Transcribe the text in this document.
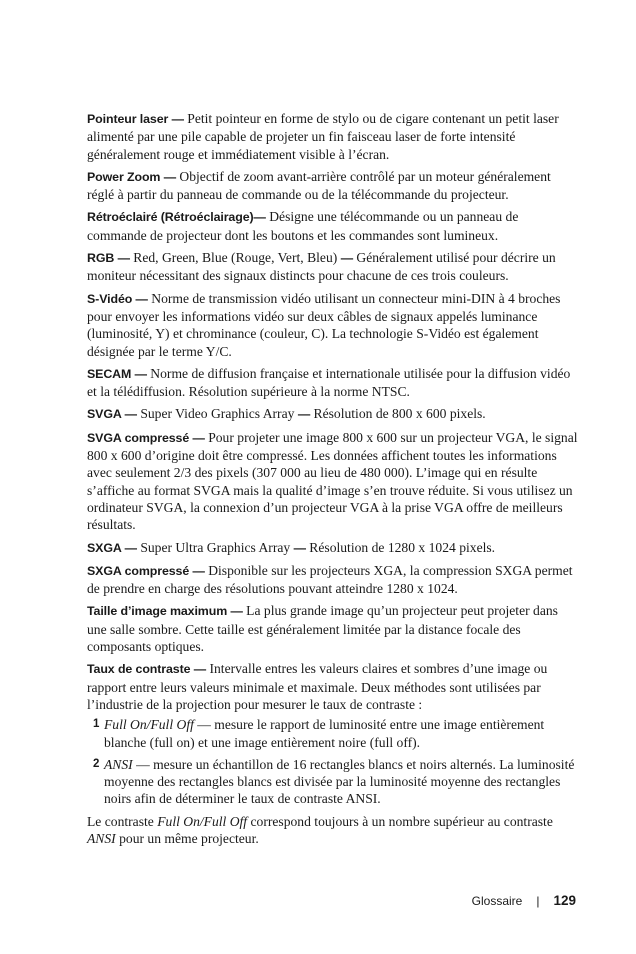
Pointeur laser — Petit pointeur en forme de stylo ou de cigare contenant un petit laser alimenté par une pile capable de projeter un fin faisceau laser de forte intensité généralement rouge et immédiatement visible à l’écran.

Power Zoom — Objectif de zoom avant-arrière contrôlé par un moteur généralement réglé à partir du panneau de commande ou de la télécommande du projecteur.

Rétroéclairé (Rétroéclairage)— Désigne une télécommande ou un panneau de commande de projecteur dont les boutons et les commandes sont lumineux.

RGB — Red, Green, Blue (Rouge, Vert, Bleu) — Généralement utilisé pour décrire un moniteur nécessitant des signaux distincts pour chacune de ces trois couleurs.

S-Vidéo — Norme de transmission vidéo utilisant un connecteur mini-DIN à 4 broches pour envoyer les informations vidéo sur deux câbles de signaux appelés luminance (luminosité, Y) et chrominance (couleur, C). La technologie S-Vidéo est également désignée par le terme Y/C.

SECAM — Norme de diffusion française et internationale utilisée pour la diffusion vidéo et la télédiffusion. Résolution supérieure à la norme NTSC.

SVGA — Super Video Graphics Array — Résolution de 800 x 600 pixels.

SVGA compressé — Pour projeter une image 800 x 600 sur un projecteur VGA, le signal 800 x 600 d’origine doit être compressé. Les données affichent toutes les informations avec seulement 2/3 des pixels (307 000 au lieu de 480 000). L’image qui en résulte s’affiche au format SVGA mais la qualité d’image s’en trouve réduite. Si vous utilisez un ordinateur SVGA, la connexion d’un projecteur VGA à la prise VGA offre de meilleurs résultats.

SXGA — Super Ultra Graphics Array — Résolution de 1280 x 1024 pixels.

SXGA compressé — Disponible sur les projecteurs XGA, la compression SXGA permet de prendre en charge des résolutions pouvant atteindre 1280 x 1024.

Taille d’image maximum — La plus grande image qu’un projecteur peut projeter dans une salle sombre. Cette taille est généralement limitée par la distance focale des composants optiques.

Taux de contraste — Intervalle entres les valeurs claires et sombres d’une image ou rapport entre leurs valeurs minimale et maximale. Deux méthodes sont utilisées par l’industrie de la projection pour mesurer le taux de contraste :

1 Full On/Full Off — mesure le rapport de luminosité entre une image entièrement blanche (full on) et une image entièrement noire (full off).

2 ANSI — mesure un échantillon de 16 rectangles blancs et noirs alternés. La luminosité moyenne des rectangles blancs est divisée par la luminosité moyenne des rectangles noirs afin de déterminer le taux de contraste ANSI.

Le contraste Full On/Full Off correspond toujours à un nombre supérieur au contraste ANSI pour un même projecteur.

Glossaire | 129
